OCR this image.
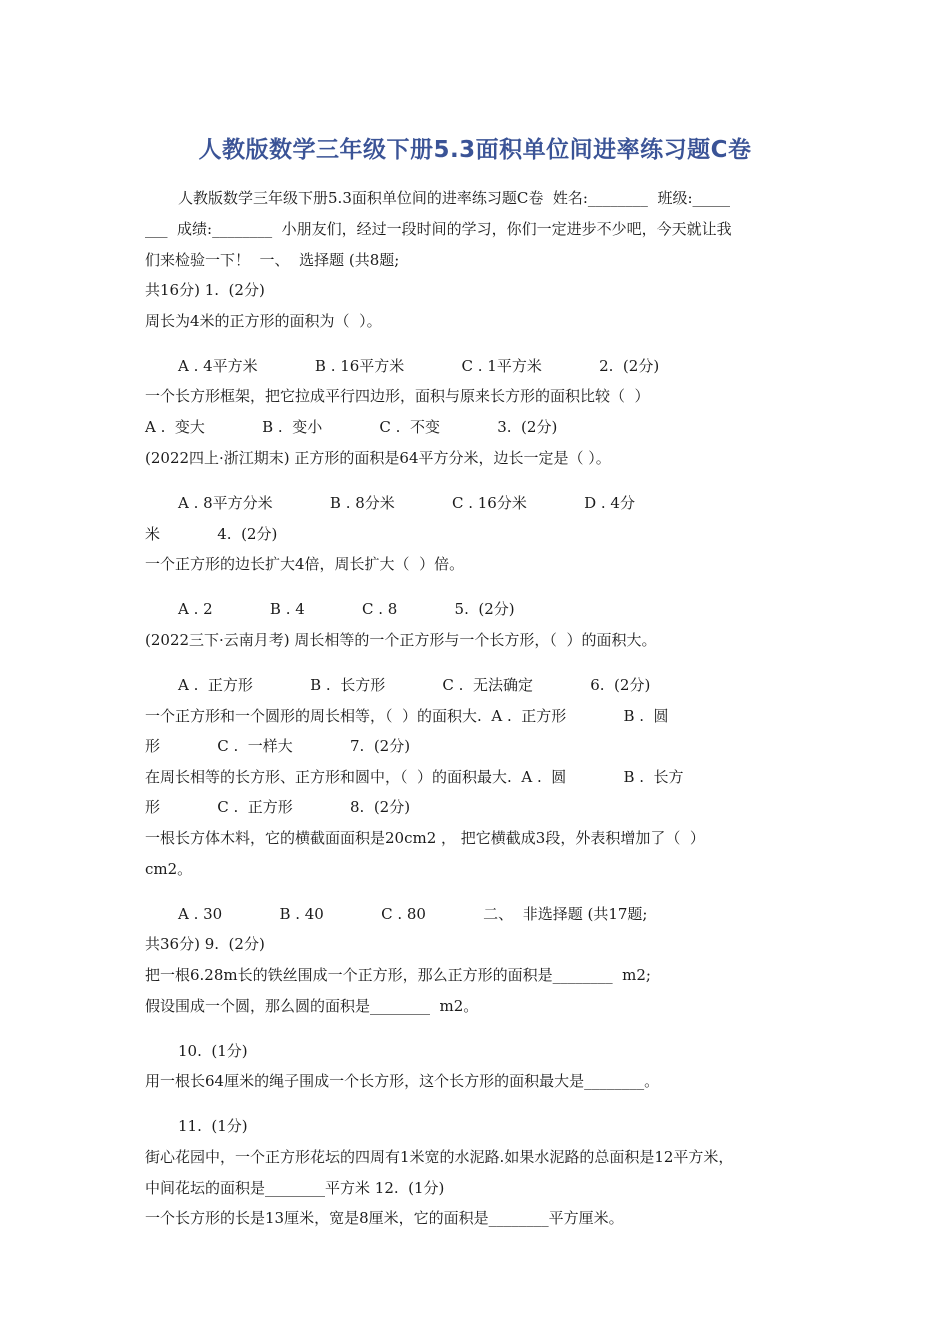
人教版数学三年级下册5.3面积单位间进率练习题C卷
人教版数学三年级下册5.3面积单位间的进率练习题C卷  姓名:________  班级:_____
___  成绩:________  小朋友们，经过一段时间的学习，你们一定进步不少吧，今天就让我
们来检验一下！  一、  选择题 (共8题;
共16分) 1.  (2分)
周长为4米的正方形的面积为（  ）。
A . 4平方米            B . 16平方米            C . 1平方米            2.  (2分)
一个长方形框架，把它拉成平行四边形，面积与原来长方形的面积比较（  ）
A .  变大            B .  变小            C .  不变            3.  (2分)
(2022四上·浙江期末) 正方形的面积是64平方分米，边长一定是（ ）。
A . 8平方分米            B . 8分米            C . 16分米            D . 4分
米            4.  (2分)
一个正方形的边长扩大4倍，周长扩大（  ）倍。
A . 2            B . 4            C . 8            5.  (2分)
(2022三下·云南月考) 周长相等的一个正方形与一个长方形，（  ）的面积大。
A .  正方形            B .  长方形            C .  无法确定            6.  (2分)
一个正方形和一个圆形的周长相等，（  ）的面积大.  A .  正方形            B .  圆
形            C .  一样大            7.  (2分)
在周长相等的长方形、正方形和圆中，（  ）的面积最大.  A .  圆            B .  长方
形            C .  正方形            8.  (2分)
一根长方体木料，它的横截面面积是20cm2 ， 把它横截成3段，外表积增加了（  ）
cm2。
A . 30            B . 40            C . 80            二、  非选择题 (共17题;
共36分) 9.  (2分)
把一根6.28m长的铁丝围成一个正方形，那么正方形的面积是________  m2;
假设围成一个圆，那么圆的面积是________  m2。
10.  (1分)
用一根长64厘米的绳子围成一个长方形，这个长方形的面积最大是________。
11.  (1分)
街心花园中，一个正方形花坛的四周有1米宽的水泥路.如果水泥路的总面积是12平方米，
中间花坛的面积是________平方米 12.  (1分)
一个长方形的长是13厘米，宽是8厘米，它的面积是________平方厘米。
